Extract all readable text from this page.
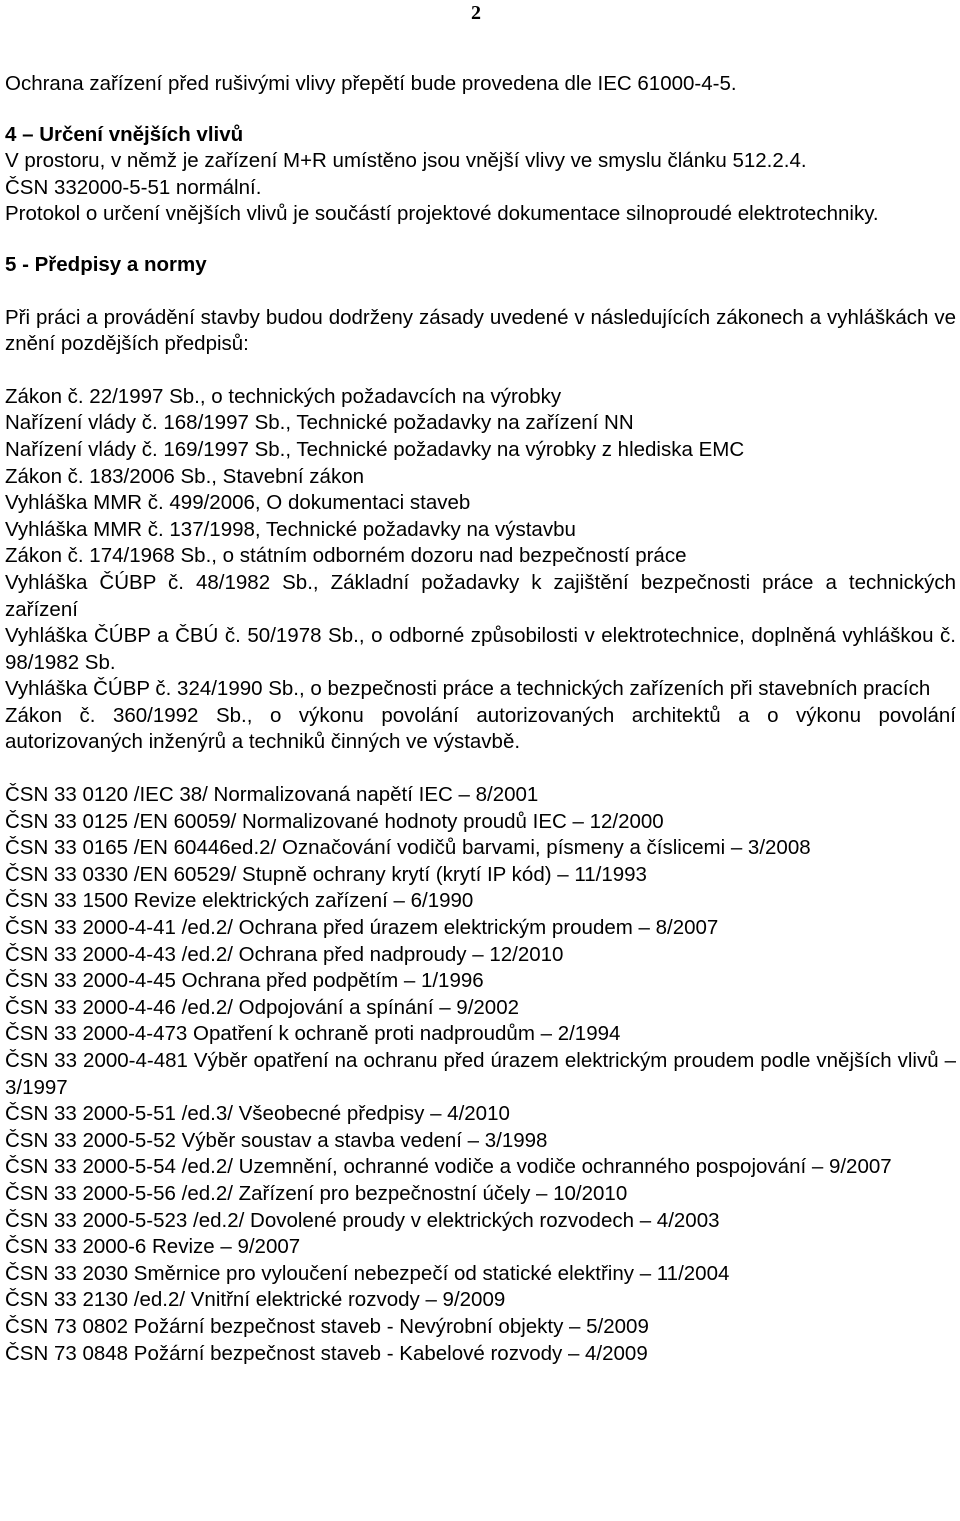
2

Ochrana zařízení před rušivými vlivy přepětí bude provedena dle IEC 61000-4-5.

4 – Určení vnějších vlivů

V prostoru, v němž je zařízení M+R umístěno jsou vnější vlivy ve smyslu článku 512.2.4.

ČSN 332000-5-51 normální.

Protokol o určení vnějších vlivů je součástí projektové dokumentace silnoproudé elektrotechniky.

5 - Předpisy a normy

Při práci a provádění stavby budou dodrženy zásady uvedené v následujících zákonech a vyhláškách ve znění pozdějších předpisů:

Zákon č. 22/1997 Sb., o technických požadavcích na výrobky

Nařízení vlády č. 168/1997 Sb., Technické požadavky na zařízení NN

Nařízení vlády č. 169/1997 Sb., Technické požadavky na výrobky z hlediska EMC

Zákon č. 183/2006 Sb., Stavební zákon

Vyhláška MMR č. 499/2006, O dokumentaci staveb

Vyhláška MMR č. 137/1998, Technické požadavky na výstavbu

Zákon č. 174/1968 Sb., o státním odborném dozoru nad bezpečností práce

Vyhláška ČÚBP č. 48/1982 Sb., Základní požadavky k zajištění bezpečnosti práce a technických zařízení

Vyhláška ČÚBP a ČBÚ č. 50/1978 Sb., o odborné způsobilosti v elektrotechnice, doplněná vyhláškou č. 98/1982 Sb.

Vyhláška ČÚBP č. 324/1990 Sb., o bezpečnosti práce a technických zařízeních při stavebních pracích

Zákon č. 360/1992 Sb., o výkonu povolání autorizovaných architektů a o výkonu povolání autorizovaných inženýrů a techniků činných ve výstavbě.

ČSN 33 0120 /IEC 38/ Normalizovaná napětí IEC – 8/2001

ČSN 33 0125 /EN 60059/ Normalizované hodnoty proudů IEC – 12/2000

ČSN 33 0165 /EN 60446ed.2/ Označování vodičů barvami, písmeny a číslicemi – 3/2008

ČSN 33 0330 /EN 60529/ Stupně ochrany krytí (krytí IP kód) – 11/1993

ČSN 33 1500 Revize elektrických zařízení – 6/1990

ČSN 33 2000-4-41 /ed.2/ Ochrana před úrazem elektrickým proudem – 8/2007

ČSN 33 2000-4-43 /ed.2/ Ochrana před nadproudy – 12/2010

ČSN 33 2000-4-45 Ochrana před podpětím – 1/1996

ČSN 33 2000-4-46 /ed.2/ Odpojování a spínání – 9/2002

ČSN 33 2000-4-473 Opatření k ochraně proti nadproudům – 2/1994

ČSN 33 2000-4-481 Výběr opatření na ochranu před úrazem elektrickým proudem podle vnějších vlivů – 3/1997

ČSN 33 2000-5-51 /ed.3/ Všeobecné předpisy – 4/2010

ČSN 33 2000-5-52 Výběr soustav a stavba vedení – 3/1998

ČSN 33 2000-5-54 /ed.2/ Uzemnění, ochranné vodiče a vodiče ochranného pospojování – 9/2007

ČSN 33 2000-5-56 /ed.2/ Zařízení pro bezpečnostní účely – 10/2010

ČSN 33 2000-5-523 /ed.2/ Dovolené proudy v elektrických rozvodech – 4/2003

ČSN 33 2000-6 Revize – 9/2007

ČSN 33 2030 Směrnice pro vyloučení nebezpečí od statické elektřiny – 11/2004

ČSN 33 2130 /ed.2/ Vnitřní elektrické rozvody – 9/2009

ČSN 73 0802 Požární bezpečnost staveb - Nevýrobní objekty – 5/2009

ČSN 73 0848 Požární bezpečnost staveb - Kabelové rozvody – 4/2009
